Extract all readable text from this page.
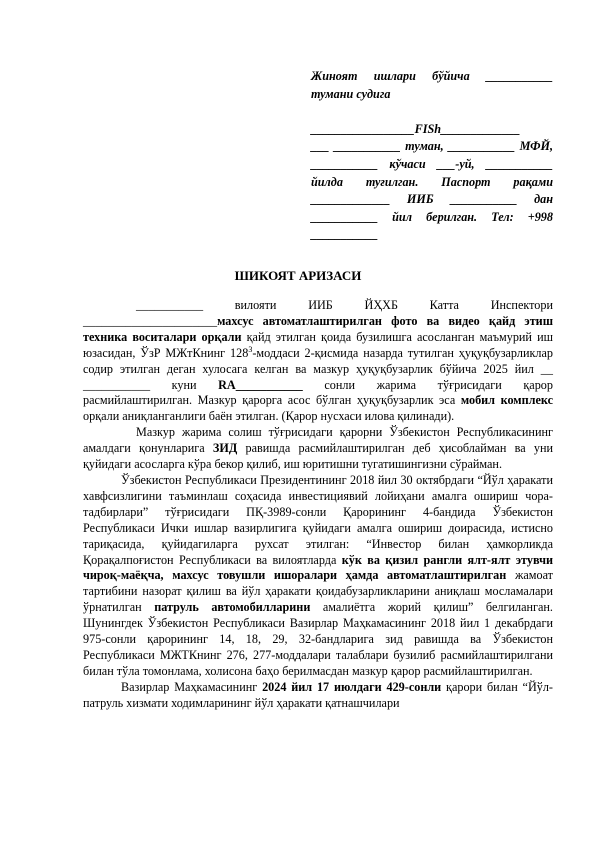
Жиноят ишлари бўйича ___________ тумани судига

_________________FISh_____________

___ ___________ туман, ___________ МФЙ, ___________ кўчаси ___-уй, ___________ йилда туғилган. Паспорт рақами _____________ ИИБ ___________ дан ___________ йил берилган. Тел: +998 ___________

ШИКОЯТ АРИЗАСИ

___________ вилояти ИИБ ЙҲХБ Катта Инспектори ______________________махсус автоматлаштирилган фото ва видео қайд этиш техника воситалари орқали қайд этилган қоида бузилишга асосланган маъмурий иш юзасидан, ЎзР МЖтКнинг $128^3$-моддаси 2-қисмида назарда тутилган ҳуқуқбузарликлар содир этилган деган хулосага келган ва мазкур ҳуқуқбузарлик бўйича 2025 йил __ ___________ куни RA___________ сонли жарима тўғрисидаги қарор расмийлаштирилган. Мазкур қарорга асос бўлган ҳуқуқбузарлик эса мобил комплекс орқали аниқланганлиги баён этилган. (Қарор нусхаси илова қилинади).

Мазкур жарима солиш тўғрисидаги қарорни Ўзбекистон Республикасининг амалдаги қонунларига ЗИД равишда расмийлаштирилган деб ҳисоблайман ва уни қуйидаги асосларга кўра бекор қилиб, иш юритишни тугатишингизни сўрайман.

Ўзбекистон Республикаси Президентининг 2018 йил 30 октябрдаги “Йўл ҳаракати хавфсизлигини таъминлаш соҳасида инвестициявий лойиҳани амалга ошириш чора-тадбирлари” тўғрисидаги ПҚ-3989-сонли Қарорининг 4-бандида Ўзбекистон Республикаси Ички ишлар вазирлигига қуйидаги амалга ошириш доирасида, истисно тариқасида, қуйидагиларга рухсат этилган: “Инвестор билан ҳамкорликда Қорақалпоғистон Республикаси ва вилоятларда кўк ва қизил рангли ялт-ялт этувчи чироқ-маёқча, махсус товушли ишоралари ҳамда автоматлаштирилган жамоат тартибини назорат қилиш ва йўл ҳаракати қоидабузарликларини аниқлаш мосламалари ўрнатилган патруль автомобилларини амалиётга жорий қилиш” белгиланган. Шунингдек Ўзбекистон Республикаси Вазирлар Маҳкамасининг 2018 йил 1 декабрдаги 975-сонли қарорининг 14, 18, 29, 32-бандларига зид равишда ва Ўзбекистон Республикаси МЖТКнинг 276, 277-моддалари талаблари бузилиб расмийлаштирилгани билан тўла томонлама, холисона баҳо берилмасдан мазкур қарор расмийлаштирилган.

Вазирлар Маҳкамасининг 2024 йил 17 июлдаги 429-сонли қарори билан “Йўл-патруль хизмати ходимларининг йўл ҳаракати қатнашчилари
